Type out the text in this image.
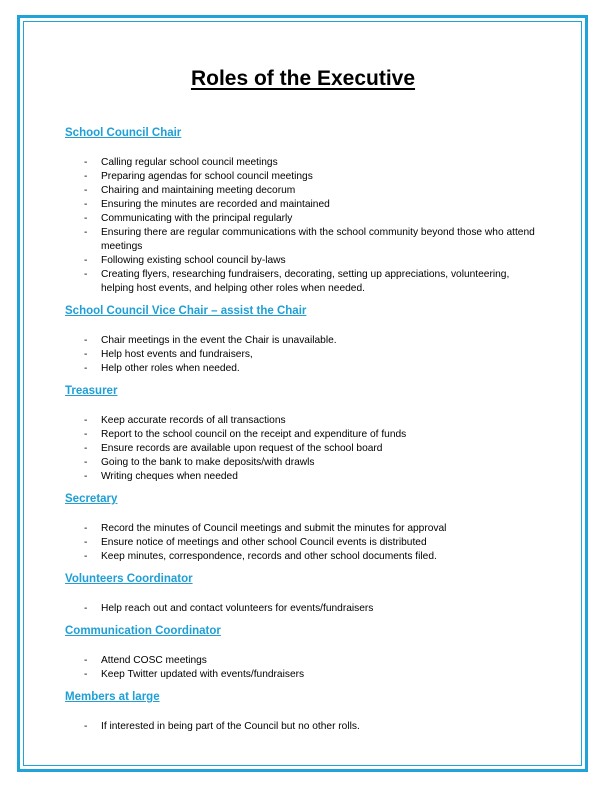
Roles of the Executive
School Council Chair
- Calling regular school council meetings
- Preparing agendas for school council meetings
- Chairing and maintaining meeting decorum
- Ensuring the minutes are recorded and maintained
- Communicating with the principal regularly
- Ensuring there are regular communications with the school community beyond those who attend meetings
- Following existing school council by-laws
- Creating flyers, researching fundraisers, decorating, setting up appreciations, volunteering, helping host events, and helping other roles when needed.
School Council Vice Chair – assist the Chair
- Chair meetings in the event the Chair is unavailable.
- Help host events and fundraisers,
- Help other roles when needed.
Treasurer
- Keep accurate records of all transactions
- Report to the school council on the receipt and expenditure of funds
- Ensure records are available upon request of the school board
- Going to the bank to make deposits/with drawls
- Writing cheques when needed
Secretary
- Record the minutes of Council meetings and submit the minutes for approval
- Ensure notice of meetings and other school Council events is distributed
- Keep minutes, correspondence, records and other school documents filed.
Volunteers Coordinator
- Help reach out and contact volunteers for events/fundraisers
Communication Coordinator
- Attend COSC meetings
- Keep Twitter updated with events/fundraisers
Members at large
- If interested in being part of the Council but no other rolls.
